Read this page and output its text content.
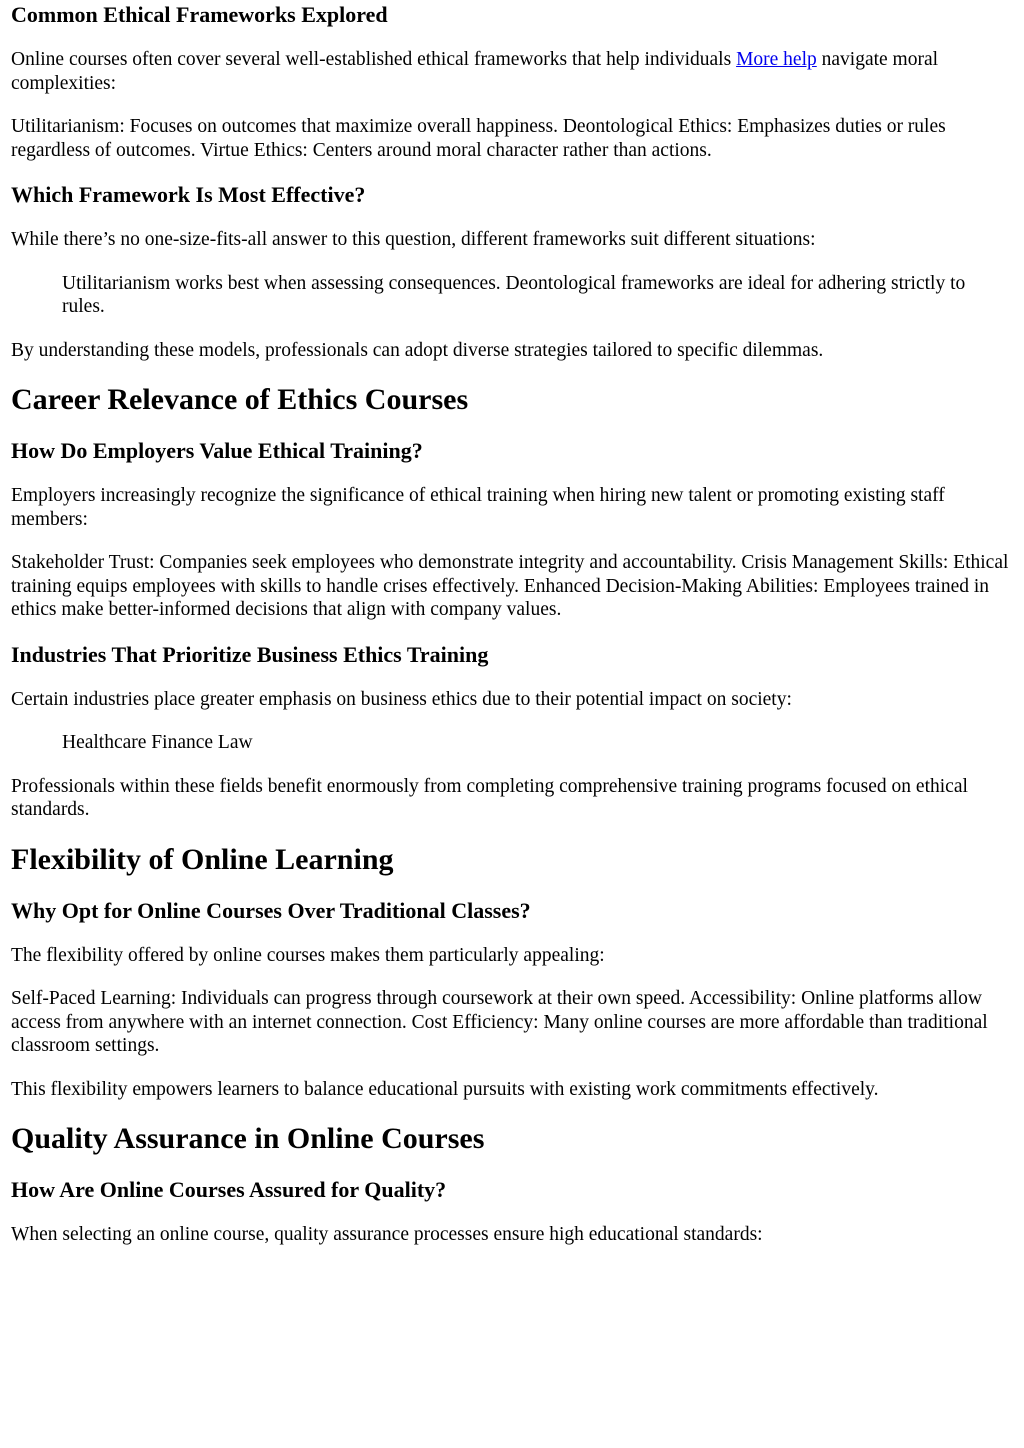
Common Ethical Frameworks Explored

Online courses often cover several well-established ethical frameworks that help individuals More help navigate moral complexities:

Utilitarianism: Focuses on outcomes that maximize overall happiness. Deontological Ethics: Emphasizes duties or rules regardless of outcomes. Virtue Ethics: Centers around moral character rather than actions.

Which Framework Is Most Effective?

While there’s no one-size-fits-all answer to this question, different frameworks suit different situations:

Utilitarianism works best when assessing consequences. Deontological frameworks are ideal for adhering strictly to rules.

By understanding these models, professionals can adopt diverse strategies tailored to specific dilemmas.

Career Relevance of Ethics Courses
How Do Employers Value Ethical Training?

Employers increasingly recognize the significance of ethical training when hiring new talent or promoting existing staff members:

Stakeholder Trust: Companies seek employees who demonstrate integrity and accountability. Crisis Management Skills: Ethical training equips employees with skills to handle crises effectively. Enhanced Decision-Making Abilities: Employees trained in ethics make better-informed decisions that align with company values.

Industries That Prioritize Business Ethics Training

Certain industries place greater emphasis on business ethics due to their potential impact on society:

Healthcare Finance Law

Professionals within these fields benefit enormously from completing comprehensive training programs focused on ethical standards.

Flexibility of Online Learning
Why Opt for Online Courses Over Traditional Classes?

The flexibility offered by online courses makes them particularly appealing:

Self-Paced Learning: Individuals can progress through coursework at their own speed. Accessibility: Online platforms allow access from anywhere with an internet connection. Cost Efficiency: Many online courses are more affordable than traditional classroom settings.

This flexibility empowers learners to balance educational pursuits with existing work commitments effectively.

Quality Assurance in Online Courses
How Are Online Courses Assured for Quality?

When selecting an online course, quality assurance processes ensure high educational standards:
